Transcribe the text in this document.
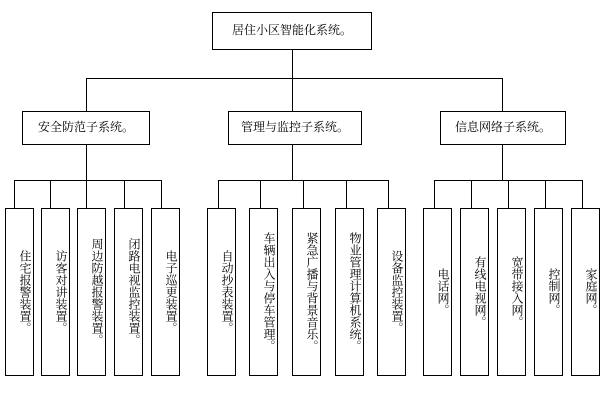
居住小区智能化系统。
安全防范子系统。	管理与监控子系统。	信息网络子系统。
住宅报警装置。 访客对讲装置。 周边防越报警装置。 闭路电视监控装置。 电子巡更装置。	自动抄表装置。 车辆出入与停车管理。 紧急广播与背景音乐。 物业管理计算机系统。 设备监控装置。	电话网。 有线电视网。 宽带接入网。 控制网。 家庭网。
